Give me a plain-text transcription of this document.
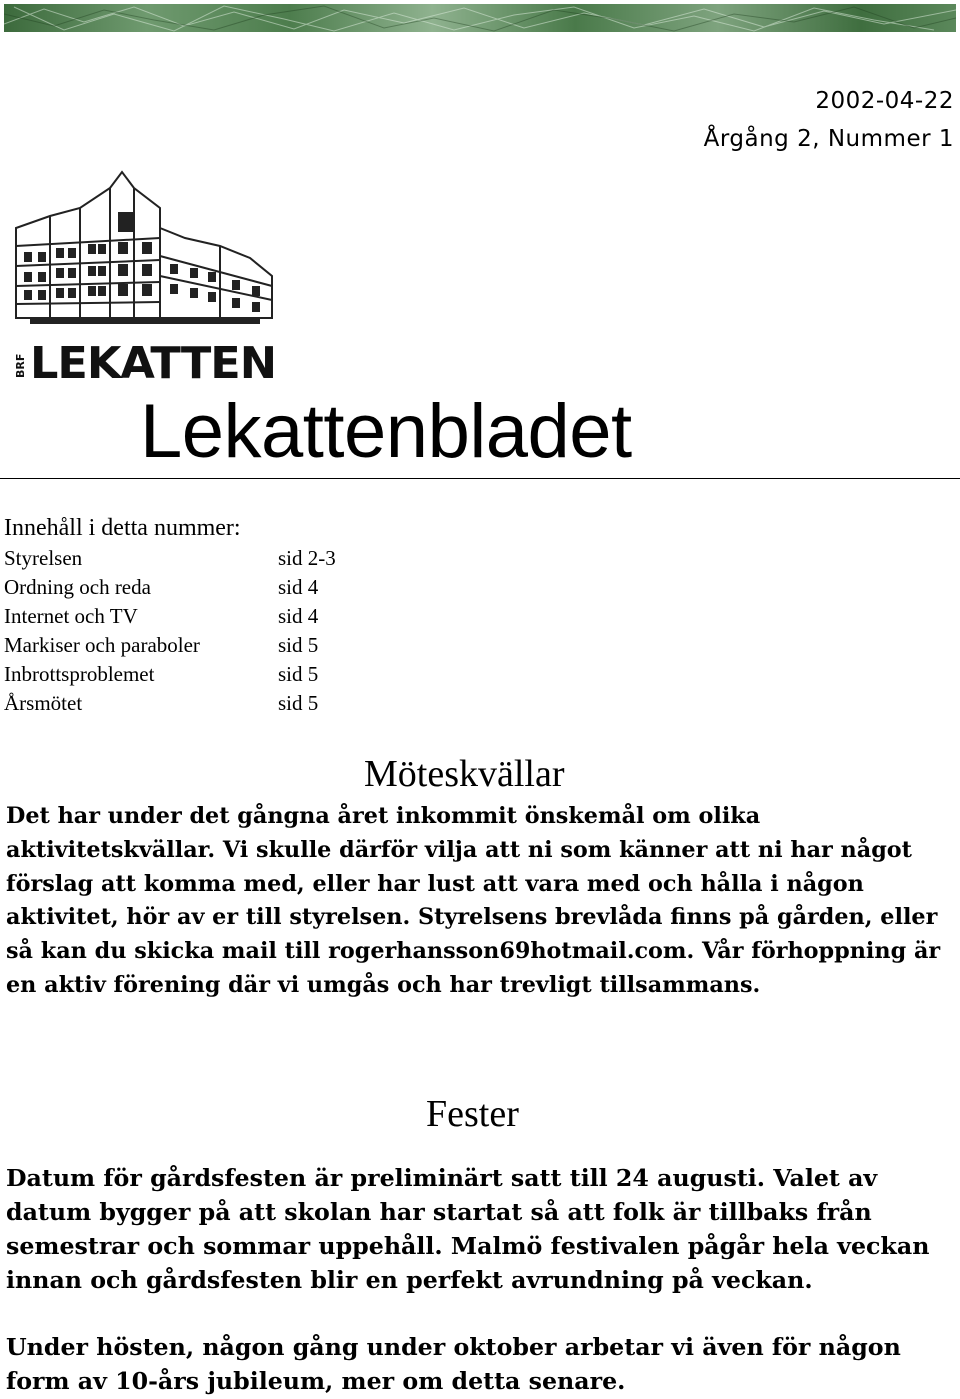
2002-04-22
Årgång 2, Nummer 1
BRF LEKATTEN
Lekattenbladet
Innehåll i detta nummer:
Styrelsen	sid 2-3
Ordning och reda	sid 4
Internet och TV	sid 4
Markiser och paraboler	sid 5
Inbrottsproblemet	sid 5
Årsmötet	sid 5
Möteskvällar

Det har under det gångna året inkommit önskemål om olika aktivitetskvällar. Vi skulle därför vilja att ni som känner att ni har något förslag att komma med, eller har lust att vara med och hålla i någon aktivitet, hör av er till styrelsen. Styrelsens brevlåda finns på gården, eller så kan du skicka mail till rogerhansson69hotmail.com. Vår förhoppning är en aktiv förening där vi umgås och har trevligt tillsammans.

Fester

Datum för gårdsfesten är preliminärt satt till 24 augusti. Valet av datum bygger på att skolan har startat så att folk är tillbaks från semestrar och sommar uppehåll. Malmö festivalen pågår hela veckan innan och gårdsfesten blir en perfekt avrundning på veckan.

Under hösten, någon gång under oktober arbetar vi även för någon form av 10-års jubileum, mer om detta senare.
